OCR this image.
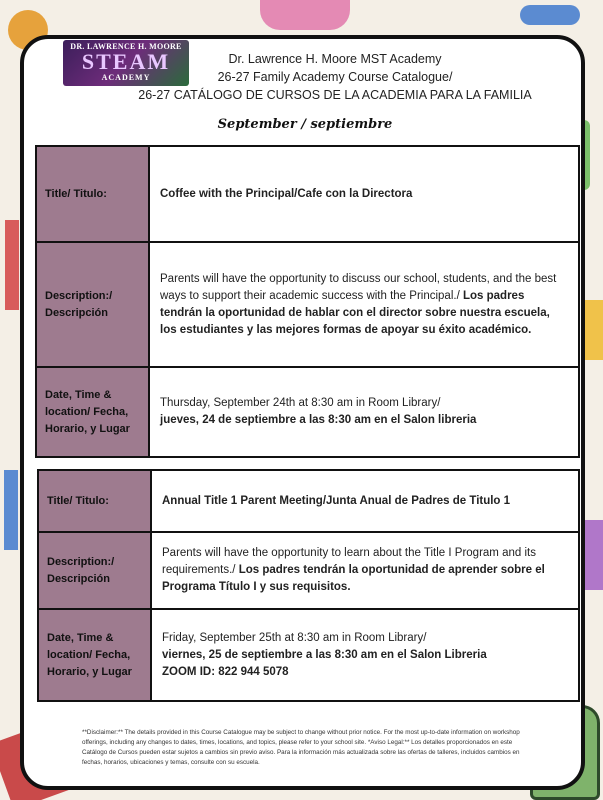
DR. LAWRENCE H. MOORE
STEAM
ACADEMY
Dr. Lawrence H. Moore MST Academy
26-27 Family Academy Course Catalogue/
26-27 CATÁLOGO DE CURSOS DE LA ACADEMIA PARA LA FAMILIA
September / septiembre
Title/ Titulo:	Coffee with the Principal/Cafe con la Directora
Description:/ Descripción	Parents will have the opportunity to discuss our school, students, and the best ways to support their academic success with the Principal./ Los padres tendrán la oportunidad de hablar con el director sobre nuestra escuela, los estudiantes y las mejores formas de apoyar su éxito académico.
Date, Time & location/ Fecha, Horario, y Lugar	Thursday, September 24th at 8:30 am in Room Library/
jueves, 24 de septiembre a las 8:30 am en el Salon libreria
Title/ Titulo:	Annual Title 1 Parent Meeting/Junta Anual de Padres de Titulo 1
Description:/ Descripción	Parents will have the opportunity to learn about the Title I Program and its requirements./ Los padres tendrán la oportunidad de aprender sobre el Programa Título I y sus requisitos.
Date, Time & location/ Fecha, Horario, y Lugar	Friday, September 25th at 8:30 am in Room Library/
viernes, 25 de septiembre a las 8:30 am en el Salon Libreria
ZOOM ID: 822 944 5078
**Disclaimer:** The details provided in this Course Catalogue may be subject to change without prior notice. For the most up-to-date information on workshop offerings, including any changes to dates, times, locations, and topics, please refer to your school site. *Aviso Legal:** Los detalles proporcionados en este Catálogo de Cursos pueden estar sujetos a cambios sin previo aviso. Para la información más actualizada sobre las ofertas de talleres, incluidos cambios en fechas, horarios, ubicaciones y temas, consulte con su escuela.
